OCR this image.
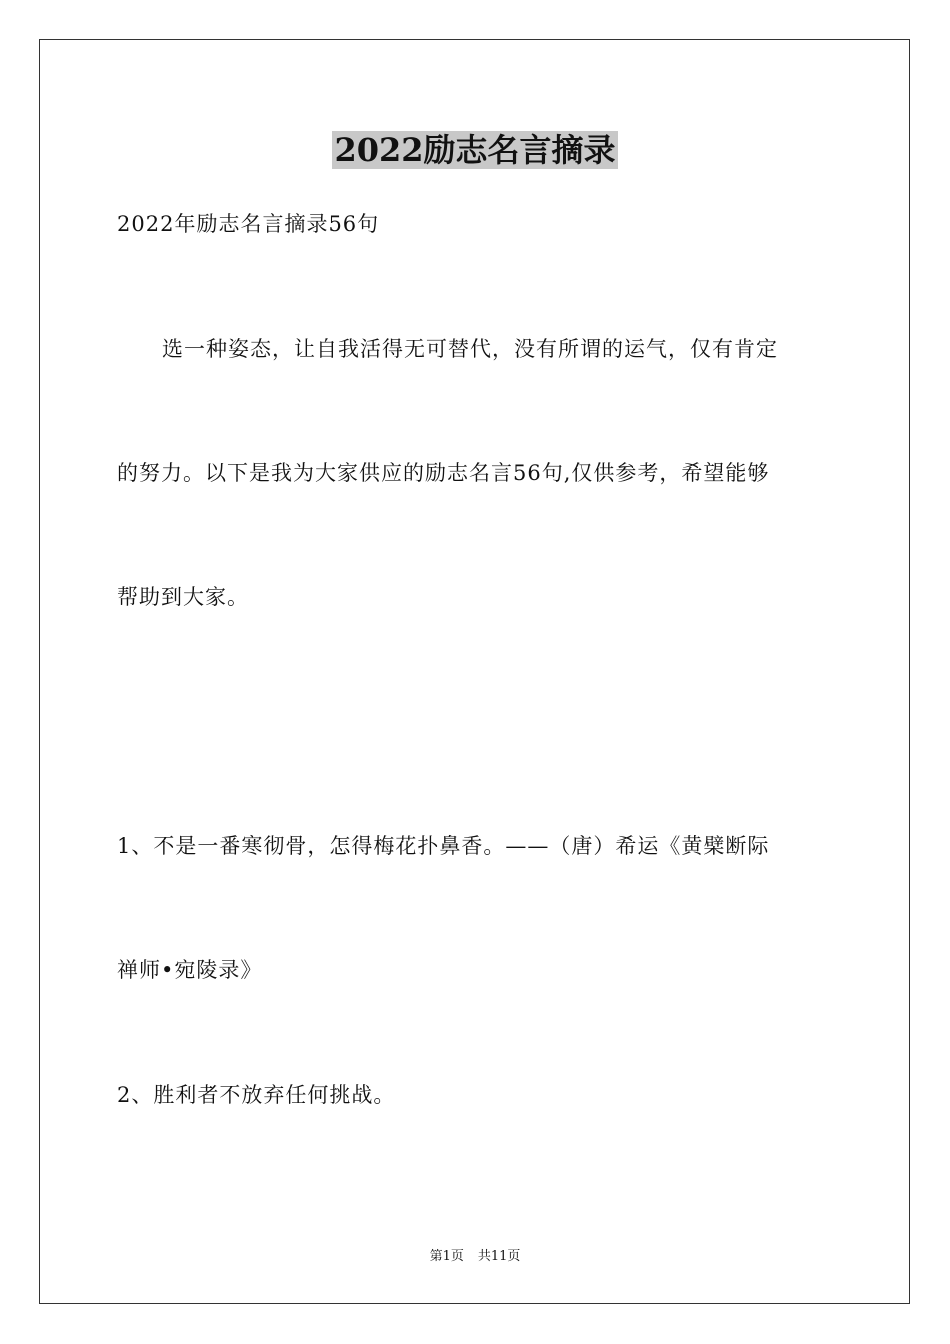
2022励志名言摘录
2022年励志名言摘录56句
选一种姿态，让自我活得无可替代，没有所谓的运气，仅有肯定
的努力。以下是我为大家供应的励志名言56句,仅供参考，希望能够
帮助到大家。
1、不是一番寒彻骨，怎得梅花扑鼻香。——（唐）希运《黄檗断际
禅师•宛陵录》
2、胜利者不放弃任何挑战。
第1页 共11页
